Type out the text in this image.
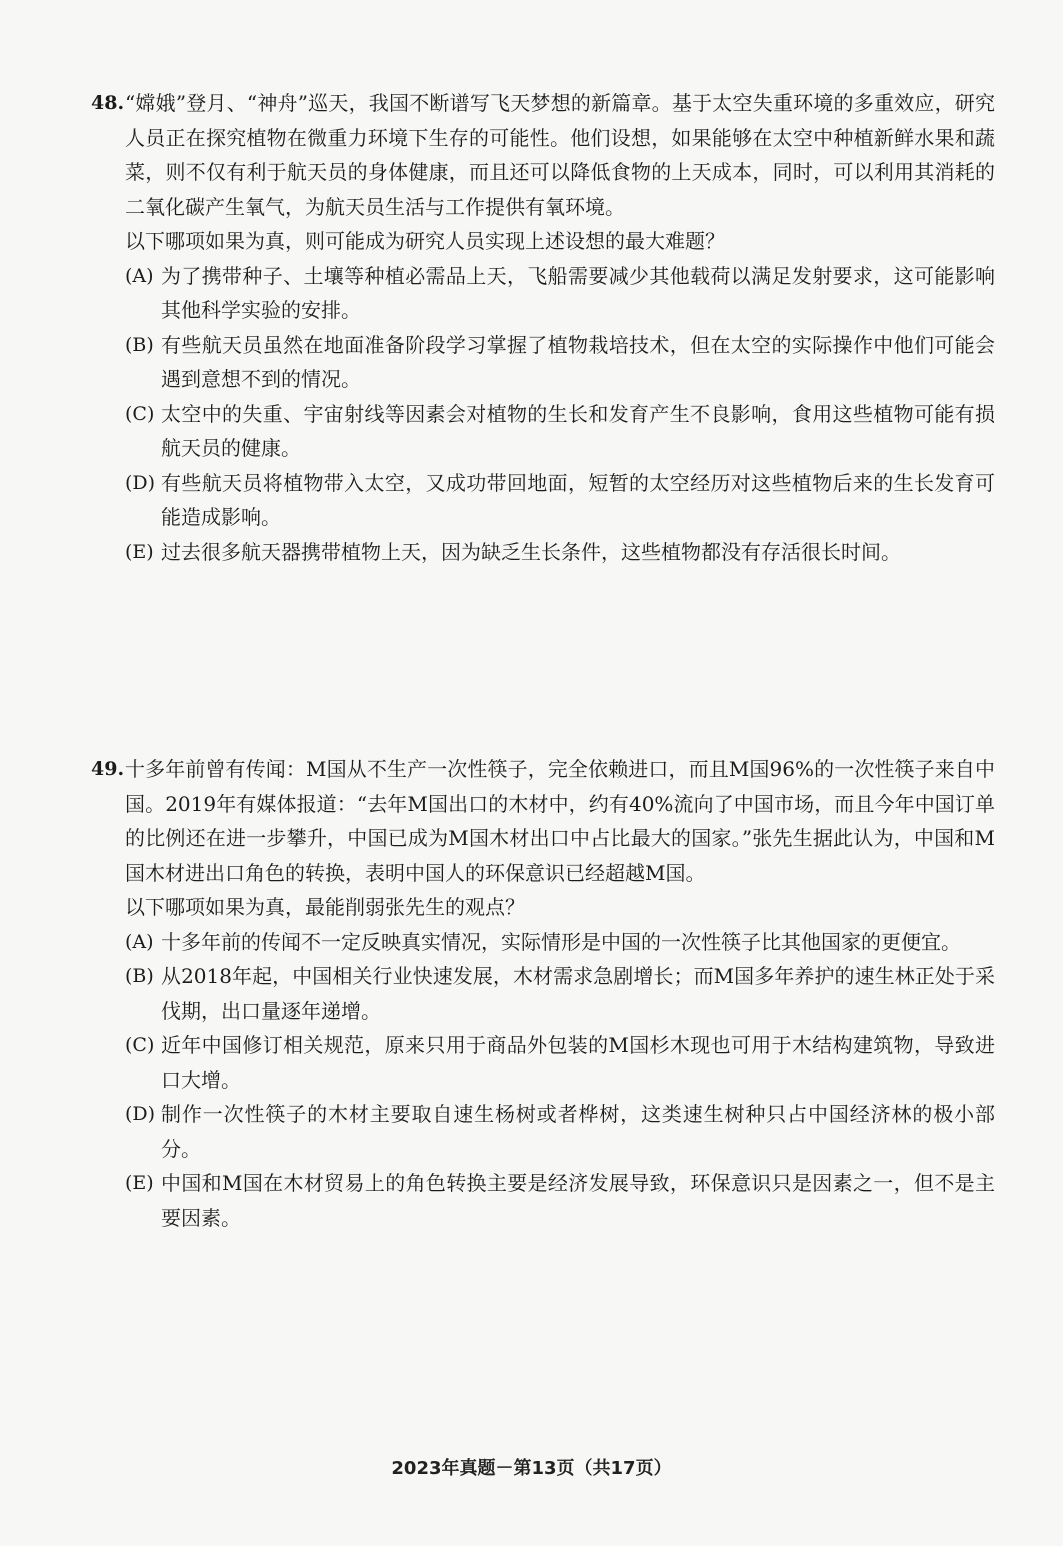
48. “嫦娥”登月、“神舟”巡天，我国不断谱写飞天梦想的新篇章。基于太空失重环境的多重效应，研究人员正在探究植物在微重力环境下生存的可能性。他们设想，如果能够在太空中种植新鲜水果和蔬菜，则不仅有利于航天员的身体健康，而且还可以降低食物的上天成本，同时，可以利用其消耗的二氧化碳产生氧气，为航天员生活与工作提供有氧环境。
以下哪项如果为真，则可能成为研究人员实现上述设想的最大难题？
(A) 为了携带种子、土壤等种植必需品上天，飞船需要减少其他载荷以满足发射要求，这可能影响其他科学实验的安排。
(B) 有些航天员虽然在地面准备阶段学习掌握了植物栽培技术，但在太空的实际操作中他们可能会遇到意想不到的情况。
(C) 太空中的失重、宇宙射线等因素会对植物的生长和发育产生不良影响，食用这些植物可能有损航天员的健康。
(D) 有些航天员将植物带入太空，又成功带回地面，短暂的太空经历对这些植物后来的生长发育可能造成影响。
(E) 过去很多航天器携带植物上天，因为缺乏生长条件，这些植物都没有存活很长时间。
49. 十多年前曾有传闻：M国从不生产一次性筷子，完全依赖进口，而且M国96%的一次性筷子来自中国。2019年有媒体报道：“去年M国出口的木材中，约有40%流向了中国市场，而且今年中国订单的比例还在进一步攀升，中国已成为M国木材出口中占比最大的国家。”张先生据此认为，中国和M国木材进出口角色的转换，表明中国人的环保意识已经超越M国。
以下哪项如果为真，最能削弱张先生的观点？
(A) 十多年前的传闻不一定反映真实情况，实际情形是中国的一次性筷子比其他国家的更便宜。
(B) 从2018年起，中国相关行业快速发展，木材需求急剧增长；而M国多年养护的速生林正处于采伐期，出口量逐年递增。
(C) 近年中国修订相关规范，原来只用于商品外包装的M国杉木现也可用于木结构建筑物，导致进口大增。
(D) 制作一次性筷子的木材主要取自速生杨树或者桦树，这类速生树种只占中国经济林的极小部分。
(E) 中国和M国在木材贸易上的角色转换主要是经济发展导致，环保意识只是因素之一，但不是主要因素。
2023年真题－第13页（共17页）
